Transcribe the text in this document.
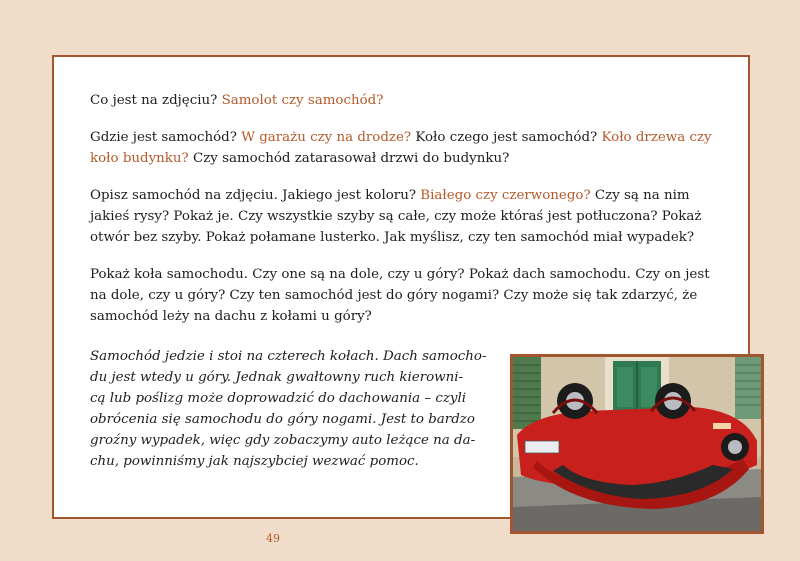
Co jest na zdjęciu? Samolot czy samochód?

Gdzie jest samochód? W garażu czy na drodze? Koło czego jest samochód? Koło drzewa czy koło budynku? Czy samochód zatarasował drzwi do budynku?

Opisz samochód na zdjęciu. Jakiego jest koloru? Białego czy czerwonego? Czy są na nim jakieś rysy? Pokaż je. Czy wszystkie szyby są całe, czy może któraś jest potłuczona? Pokaż otwór bez szyby. Pokaż połamane lusterko. Jak myślisz, czy ten samochód miał wypadek?

Pokaż koła samochodu. Czy one są na dole, czy u góry? Pokaż dach samochodu. Czy on jest na dole, czy u góry? Czy ten samochód jest do góry nogami? Czy może się tak zdarzyć, że samochód leży na dachu z kołami u góry?

Samochód jedzie i stoi na czterech kołach. Dach samocho-
du jest wtedy u góry. Jednak gwałtowny ruch kierowni-
cą lub poślizg może doprowadzić do dachowania – czyli
obrócenia się samochodu do góry nogami. Jest to bardzo
groźny wypadek, więc gdy zobaczymy auto leżące na da-
chu, powinniśmy jak najszybciej wezwać pomoc.
49
